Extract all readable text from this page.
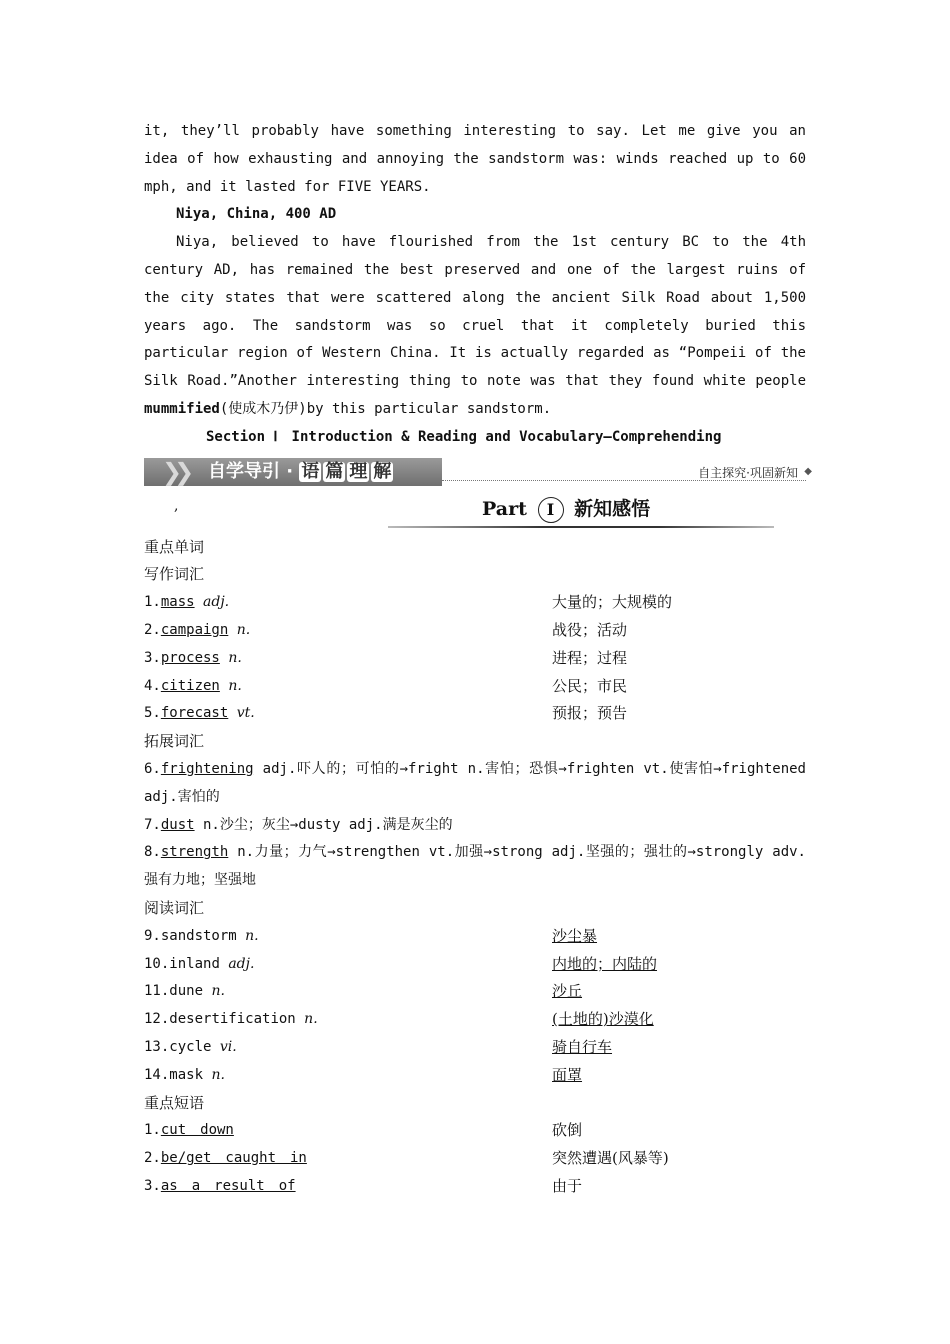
it, they’ll probably have something interesting to say. Let me give you an idea of how exhausting and annoying the sandstorm was: winds reached up to 60 mph, and it lasted for FIVE YEARS.

Niya, China, 400 AD

Niya, believed to have flourished from the 1st century BC to the 4th century AD, has remained the best preserved and one of the largest ruins of the city states that were scattered along the ancient Silk Road about 1,500 years ago. The sandstorm was so cruel that it completely buried this particular region of Western China. It is actually regarded as “Pompeii of the Silk Road.”Another interesting thing to note was that they found white people mummified(使成木乃伊)by this particular sandstorm.

Section Ⅰ　Introduction & Reading and Vocabulary—Comprehending
❯❯ 自学导引 · 语 篇 理 解	自主探究·巩固新知 ◆
,	Part Ⅰ 新知感悟
重点单词
写作词汇
1.mass adj.	大量的；大规模的
2.campaign n.	战役；活动
3.process n.	进程；过程
4.citizen n.	公民；市民
5.forecast vt.	预报；预告
拓展词汇
6.frightening adj.吓人的；可怕的→fright n.害怕；恐惧→frighten vt.使害怕→frightened adj.害怕的
7.dust n.沙尘；灰尘→dusty adj.满是灰尘的
8.strength n.力量；力气→strengthen vt.加强→strong adj.坚强的；强壮的→strongly adv.强有力地；坚强地
阅读词汇
9.sandstorm n.	沙尘暴
10.inland adj.	内地的；内陆的
11.dune n.	沙丘
12.desertification n.	(土地的)沙漠化
13.cycle vi.	骑自行车
14.mask n.	面罩
重点短语
1.cut　down	砍倒
2.be/get　caught　in	突然遭遇(风暴等)
3.as　a　result　of	由于
